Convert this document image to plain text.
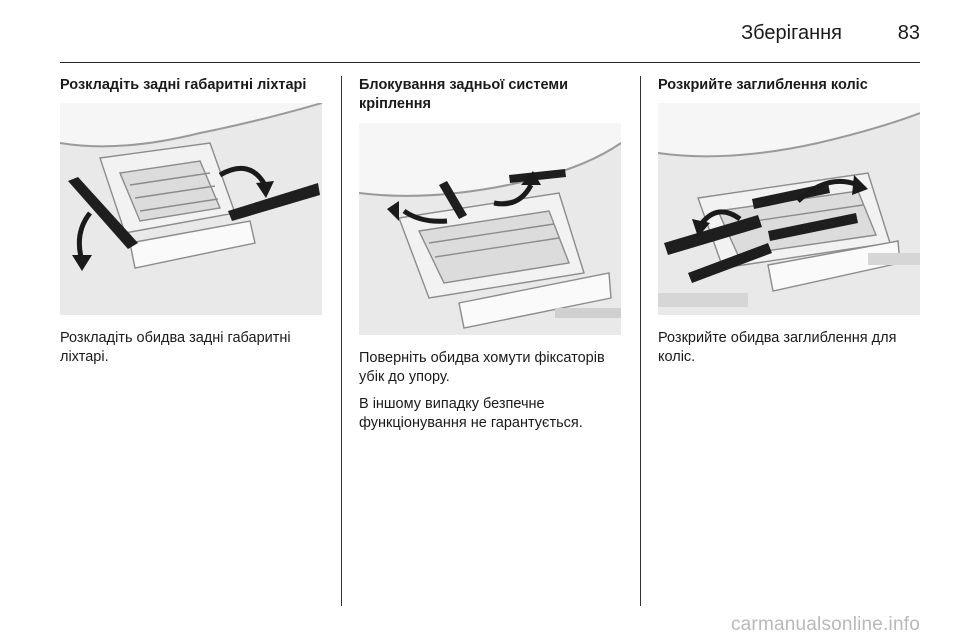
Зберігання	83
Розкладіть задні габаритні ліхтарі

Розкладіть обидва задні габаритні ліхтарі.

Блокування задньої системи кріплення

Поверніть обидва хомути фіксаторів убік до упору.

В іншому випадку безпечне функціонування не гарантується.

Розкрийте заглиблення коліс

Розкрийте обидва заглиблення для коліс.

carmanualsonline.info
